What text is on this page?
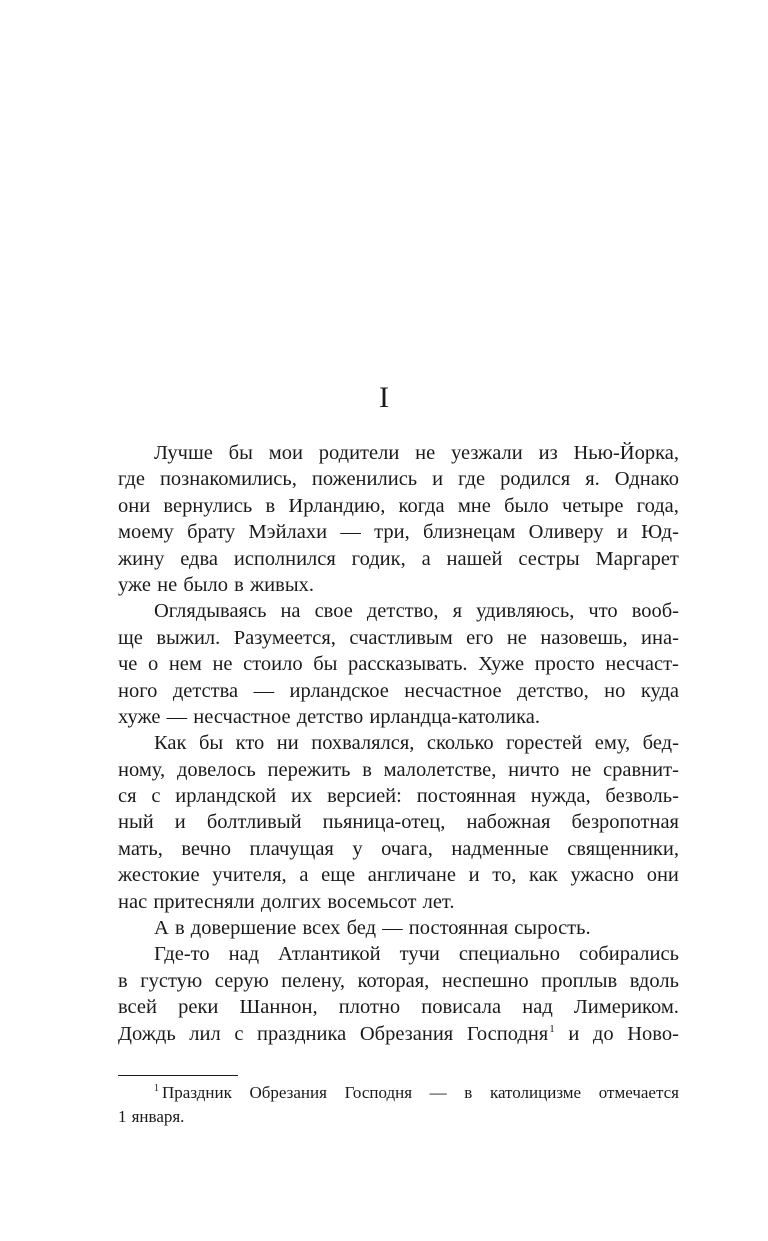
I
Лучше бы мои родители не уезжали из Нью-Йорка,
где познакомились, поженились и где родился я. Однако
они вернулись в Ирландию, когда мне было четыре года,
моему брату Мэйлахи — три, близнецам Оливеру и Юд-
жину едва исполнился годик, а нашей сестры Маргарет
уже не было в живых.
Оглядываясь на свое детство, я удивляюсь, что вооб-
ще выжил. Разумеется, счастливым его не назовешь, ина-
че о нем не стоило бы рассказывать. Хуже просто несчаст-
ного детства — ирландское несчастное детство, но куда
хуже — несчастное детство ирландца-католика.
Как бы кто ни похвалялся, сколько горестей ему, бед-
ному, довелось пережить в малолетстве, ничто не сравнит-
ся с ирландской их версией: постоянная нужда, безволь-
ный и болтливый пьяница-отец, набожная безропотная
мать, вечно плачущая у очага, надменные священники,
жестокие учителя, а еще англичане и то, как ужасно они
нас притесняли долгих восемьсот лет.
А в довершение всех бед — постоянная сырость.
Где-то над Атлантикой тучи специально собирались
в густую серую пелену, которая, неспешно проплыв вдоль
всей реки Шаннон, плотно повисала над Лимериком.
Дождь лил с праздника Обрезания Господня$^1$ и до Ново-
$^1$ Праздник Обрезания Господня — в католицизме отмечается
1 января.
